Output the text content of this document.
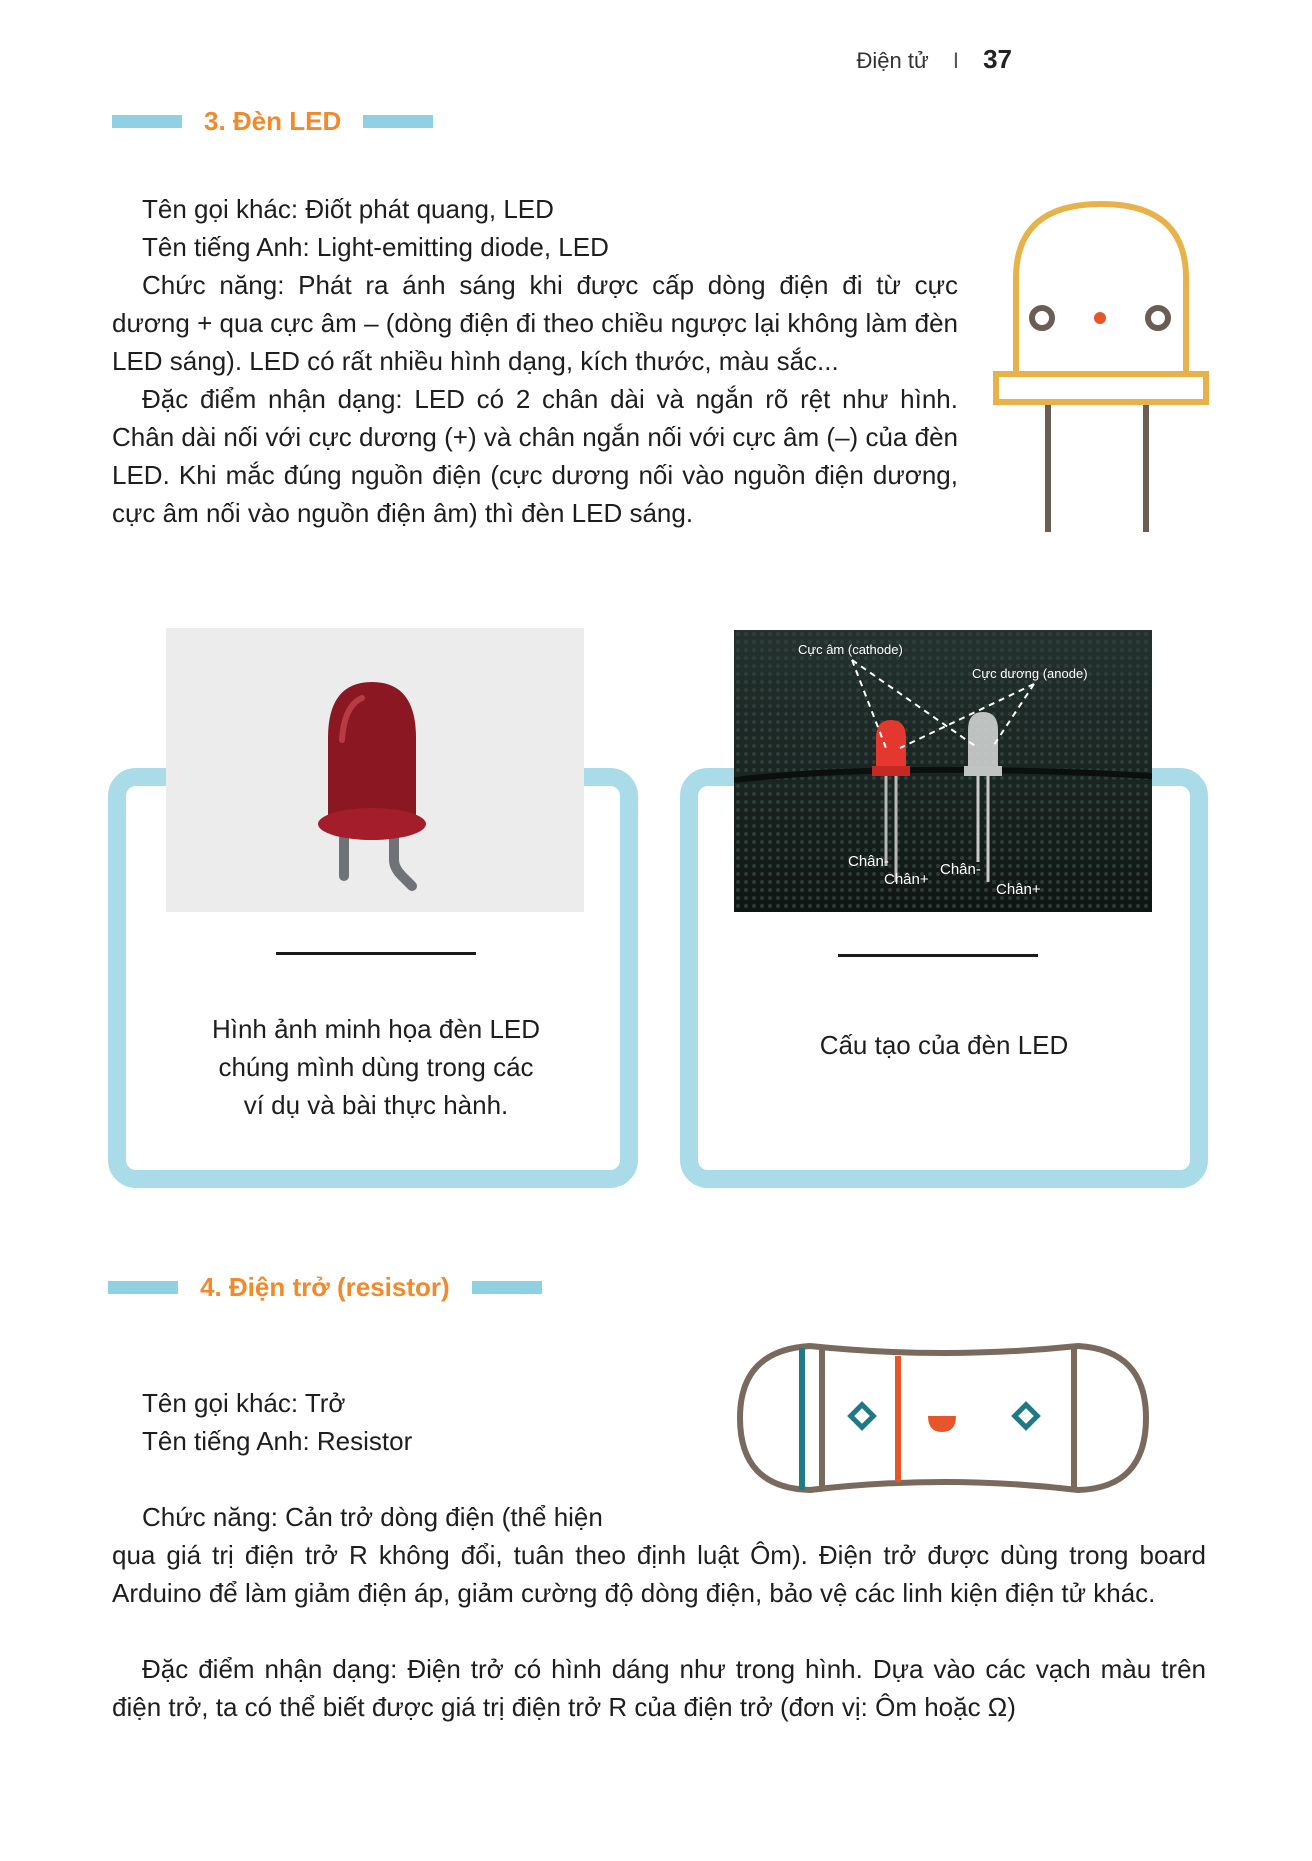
Điện tử I 37
3. Đèn LED

Tên gọi khác: Điốt phát quang, LED

Tên tiếng Anh: Light-emitting diode, LED

Chức năng: Phát ra ánh sáng khi được cấp dòng điện đi từ cực dương + qua cực âm – (dòng điện đi theo chiều ngược lại không làm đèn LED sáng). LED có rất nhiều hình dạng, kích thước, màu sắc...

Đặc điểm nhận dạng: LED có 2 chân dài và ngắn rõ rệt như hình. Chân dài nối với cực dương (+) và chân ngắn nối với cực âm (–) của đèn LED. Khi mắc đúng nguồn điện (cực dương nối vào nguồn điện dương, cực âm nối vào nguồn điện âm) thì đèn LED sáng.

Hình ảnh minh họa đèn LED chúng mình dùng trong các ví dụ và bài thực hành.
Cực âm (cathode)
Cực dương (anode)
Chân-
Chân+
Chân-
Chân+
Cấu tạo của đèn LED
4. Điện trở (resistor)

Tên gọi khác: Trở

Tên tiếng Anh: Resistor

Chức năng: Cản trở dòng điện (thể hiện

qua giá trị điện trở R không đổi, tuân theo định luật Ôm). Điện trở được dùng trong board Arduino để làm giảm điện áp, giảm cường độ dòng điện, bảo vệ các linh kiện điện tử khác.

Đặc điểm nhận dạng: Điện trở có hình dáng như trong hình. Dựa vào các vạch màu trên điện trở, ta có thể biết được giá trị điện trở R của điện trở (đơn vị: Ôm hoặc Ω)
